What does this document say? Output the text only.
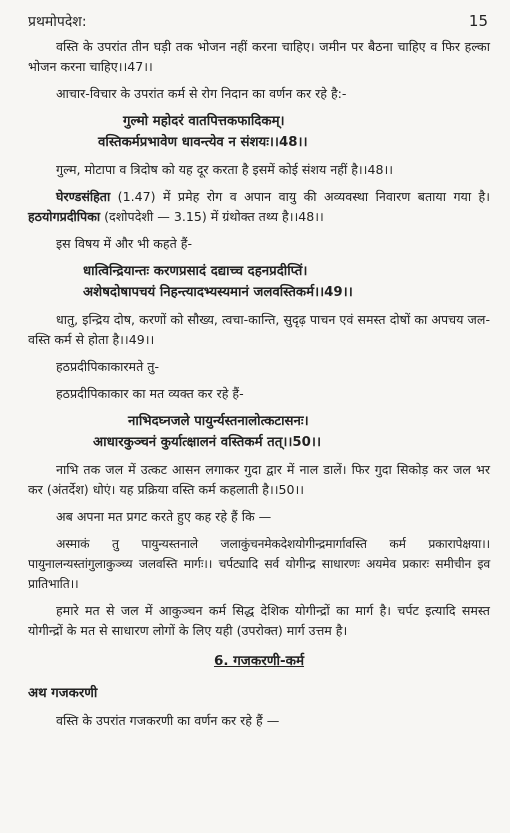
प्रथमोपदेश:	15

वस्ति के उपरांत तीन घड़ी तक भोजन नहीं करना चाहिए। जमीन पर बैठना चाहिए व फिर हल्का भोजन करना चाहिए।।47।।

आचार-विचार के उपरांत कर्म से रोग निदान का वर्णन कर रहे है:-

गुल्मो महोदरं वातपित्तकफादिकम्।
वस्तिकर्मप्रभावेण धावन्त्येव न संशयः।।48।।

गुल्म, मोटापा व त्रिदोष को यह दूर करता है इसमें कोई संशय नहीं है।।48।।

घेरण्डसंहिता (1.47) में प्रमेह रोग व अपान वायु की अव्यवस्था निवारण बताया गया है। हठयोगप्रदीपिका (दशोपदेशी — 3.15) में ग्रंथोक्त तथ्य है।।48।।

इस विषय में और भी कहते हैं-

धात्विन्द्रियान्तः करणप्रसादं दद्याच्च दहनप्रदीप्तिं।
अशेषदोषापचयं निहन्त्यादभ्यस्यमानं जलवस्तिकर्म।।49।।

धातु, इन्द्रिय दोष, करणों को सौख्य, त्वचा-कान्ति, सुदृढ़ पाचन एवं समस्त दोषों का अपचय जल-वस्ति कर्म से होता है।।49।।

हठप्रदीपिकाकारमते तु-

हठप्रदीपिकाकार का मत व्यक्त कर रहे हैं-

नाभिदघ्नजले पायुर्न्यस्तनालोत्कटासनः।
आधारकुञ्चनं कुर्यात्क्षालनं वस्तिकर्म तत्।।50।।

नाभि तक जल में उत्कट आसन लगाकर गुदा द्वार में नाल डालें। फिर गुदा सिकोड़ कर जल भर कर (अंतर्देश) धोएं। यह प्रक्रिया वस्ति कर्म कहलाती है।।50।।

अब अपना मत प्रगट करते हुए कह रहे हैं कि —

अस्माकं तु पायुन्यस्तनाले जलाकुंचनमेकदेशयोगीन्द्रमार्गावस्ति कर्म प्रकारापेक्षया।। पायुनालन्यस्तांगुलाकुञ्च्य जलवस्ति मार्गः।। चर्पट्यादि सर्व योगीन्द्र साधारणः अयमेव प्रकारः समीचीन इव प्रातिभाति।।

हमारे मत से जल में आकुञ्चन कर्म सिद्ध देशिक योगीन्द्रों का मार्ग है। चर्पट इत्यादि समस्त योगीन्द्रों के मत से साधारण लोगों के लिए यही (उपरोक्त) मार्ग उत्तम है।

6. गजकरणी-कर्म
अथ गजकरणी

वस्ति के उपरांत गजकरणी का वर्णन कर रहे हैं —
